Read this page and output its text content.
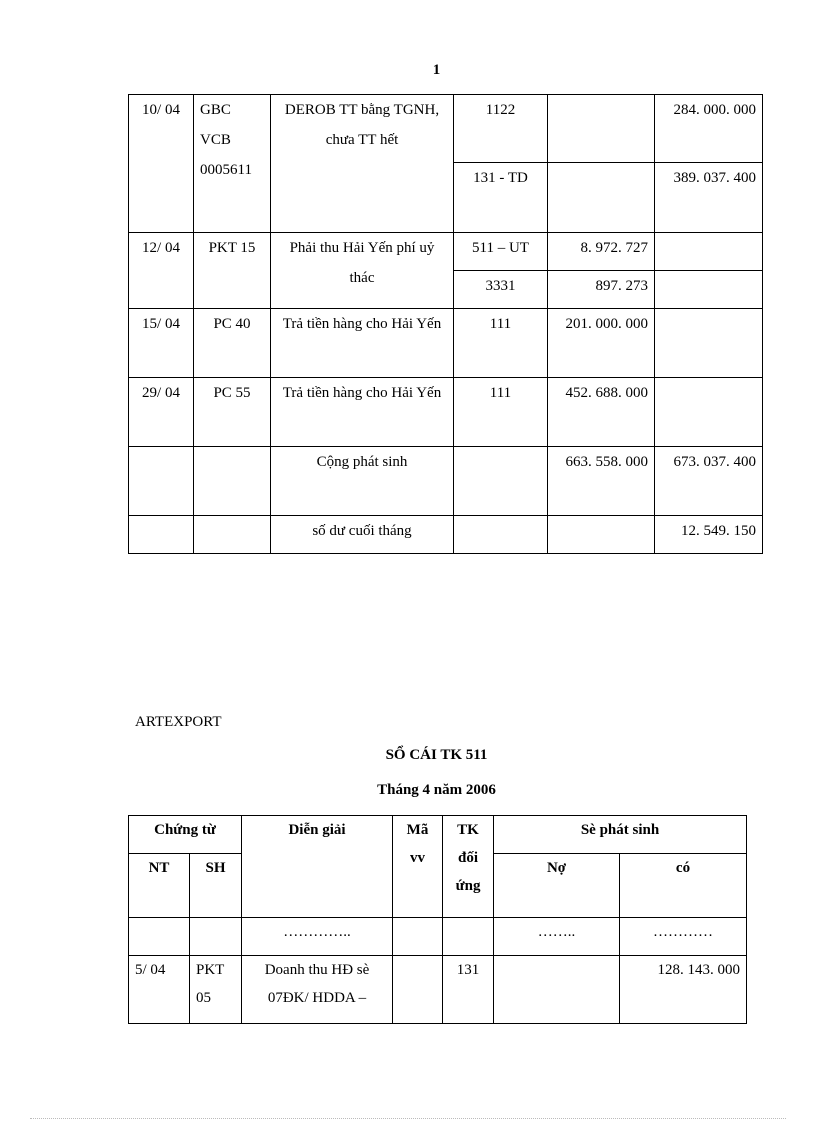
1
10/ 04	GBC VCB 0005611	DEROB TT bằng TGNH, chưa TT hết	1122		284. 000. 000
			131 - TD		389. 037. 400
12/ 04	PKT 15	Phải thu Hải Yến phí uỷ thác	511 – UT	8. 972. 727	
			3331	897. 273	
15/ 04	PC 40	Trả tiền hàng cho Hải Yến	111	201. 000. 000	
29/ 04	PC 55	Trả tiền hàng cho Hải Yến	111	452. 688. 000	
		Cộng phát sinh		663. 558. 000	673. 037. 400
		số dư cuối tháng			12. 549. 150
ARTEXPORT
SỔ CÁI TK 511
Tháng 4 năm 2006
Chứng từ		Diễn giải	Mã vv	TK đối ứng	Sè phát sinh	
NT	SH				Nợ	có
		…………..			……..	…………
5/ 04	PKT 05	Doanh thu HĐ sè 07ĐK/ HDDA –		131		128. 143. 000
